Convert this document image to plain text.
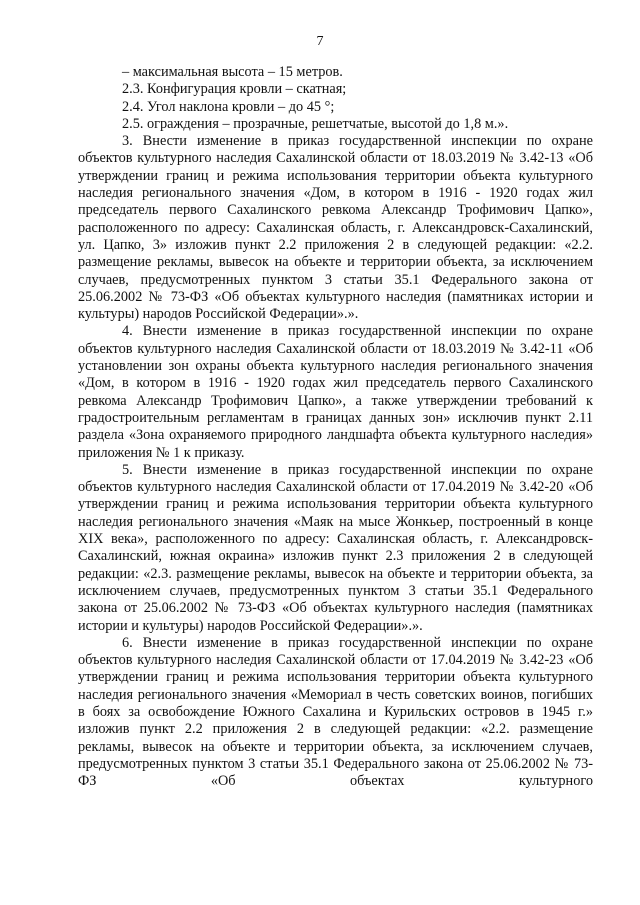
7

– максимальная высота – 15 метров.

2.3. Конфигурация кровли – скатная;

2.4. Угол наклона кровли – до 45 °;

2.5. ограждения – прозрачные, решетчатые, высотой до 1,8 м.».

3. Внести изменение в приказ государственной инспекции по охране объектов культурного наследия Сахалинской области от 18.03.2019 № 3.42-13 «Об утверждении границ и режима использования территории объекта культурного наследия регионального значения «Дом, в котором в 1916 - 1920 годах жил председатель первого Сахалинского ревкома Александр Трофимович Цапко», расположенного по адресу: Сахалинская область, г. Александровск-Сахалинский, ул. Цапко, 3» изложив пункт 2.2 приложения 2 в следующей редакции: «2.2. размещение рекламы, вывесок на объекте и территории объекта, за исключением случаев, предусмотренных пунктом 3 статьи 35.1 Федерального закона от 25.06.2002 № 73-ФЗ «Об объектах культурного наследия (памятниках истории и культуры) народов Российской Федерации».».

4. Внести изменение в приказ государственной инспекции по охране объектов культурного наследия Сахалинской области от 18.03.2019 № 3.42-11 «Об установлении зон охраны объекта культурного наследия регионального значения «Дом, в котором в 1916 - 1920 годах жил председатель первого Сахалинского ревкома Александр Трофимович Цапко», а также утверждении требований к градостроительным регламентам в границах данных зон» исключив пункт 2.11 раздела «Зона охраняемого природного ландшафта объекта культурного наследия» приложения № 1 к приказу.

5. Внести изменение в приказ государственной инспекции по охране объектов культурного наследия Сахалинской области от 17.04.2019 № 3.42-20 «Об утверждении границ и режима использования территории объекта культурного наследия регионального значения «Маяк на мысе Жонкьер, построенный в конце XIX века», расположенного по адресу: Сахалинская область, г. Александровск-Сахалинский, южная окраина» изложив пункт 2.3 приложения 2 в следующей редакции: «2.3. размещение рекламы, вывесок на объекте и территории объекта, за исключением случаев, предусмотренных пунктом 3 статьи 35.1 Федерального закона от 25.06.2002 № 73-ФЗ «Об объектах культурного наследия (памятниках истории и культуры) народов Российской Федерации».».

6. Внести изменение в приказ государственной инспекции по охране объектов культурного наследия Сахалинской области от 17.04.2019 № 3.42-23 «Об утверждении границ и режима использования территории объекта культурного наследия регионального значения «Мемориал в честь советских воинов, погибших в боях за освобождение Южного Сахалина и Курильских островов в 1945 г.» изложив пункт 2.2 приложения 2 в следующей редакции: «2.2. размещение рекламы, вывесок на объекте и территории объекта, за исключением случаев, предусмотренных пунктом 3 статьи 35.1 Федерального закона от 25.06.2002 № 73-ФЗ «Об объектах культурного
